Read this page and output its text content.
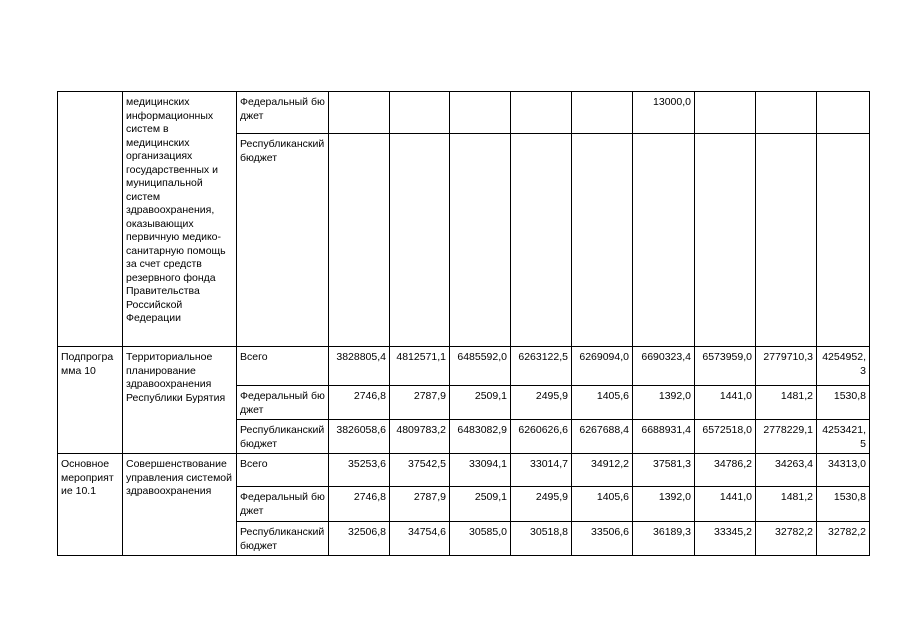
	медицинских информационных систем в медицинских организациях государственных и муниципальной систем здравоохранения, оказывающих первичную медико-санитарную помощь за счет средств резервного фонда Правительства Российской Федерации	Федеральный бюджет						13000,0			
		Республиканский бюджет									
Подпрограмма 10	Территориальное планирование здравоохранения Республики Бурятия	Всего	3828805,4	4812571,1	6485592,0	6263122,5	6269094,0	6690323,4	6573959,0	2779710,3	4254952,3
		Федеральный бюджет	2746,8	2787,9	2509,1	2495,9	1405,6	1392,0	1441,0	1481,2	1530,8
		Республиканский бюджет	3826058,6	4809783,2	6483082,9	6260626,6	6267688,4	6688931,4	6572518,0	2778229,1	4253421,5
Основное мероприятие 10.1	Совершенствование управления системой здравоохранения	Всего	35253,6	37542,5	33094,1	33014,7	34912,2	37581,3	34786,2	34263,4	34313,0
		Федеральный бюджет	2746,8	2787,9	2509,1	2495,9	1405,6	1392,0	1441,0	1481,2	1530,8
		Республиканский бюджет	32506,8	34754,6	30585,0	30518,8	33506,6	36189,3	33345,2	32782,2	32782,2
